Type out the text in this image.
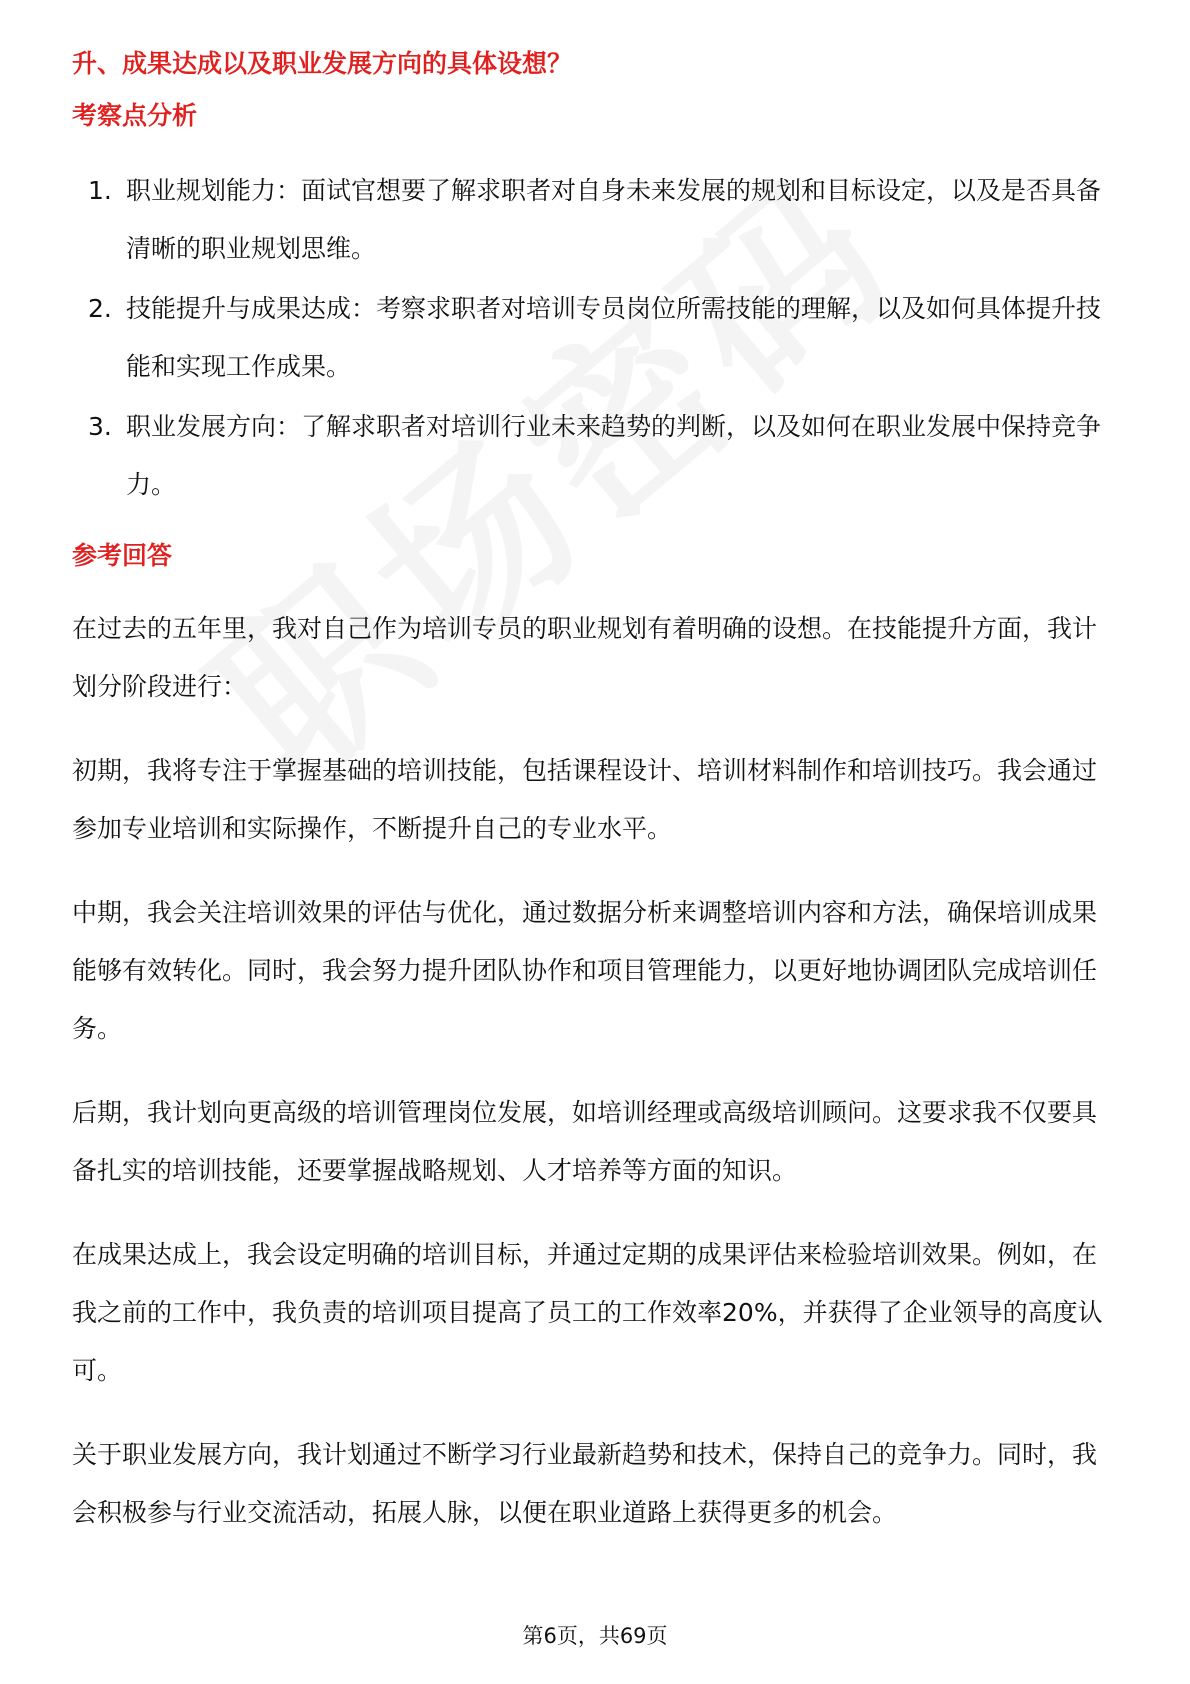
升、成果达成以及职业发展方向的具体设想？
考察点分析
1. 职业规划能力：面试官想要了解求职者对自身未来发展的规划和目标设定，以及是否具备清晰的职业规划思维。
2. 技能提升与成果达成：考察求职者对培训专员岗位所需技能的理解，以及如何具体提升技能和实现工作成果。
3. 职业发展方向：了解求职者对培训行业未来趋势的判断，以及如何在职业发展中保持竞争力。
参考回答

在过去的五年里，我对自己作为培训专员的职业规划有着明确的设想。在技能提升方面，我计划分阶段进行：

初期，我将专注于掌握基础的培训技能，包括课程设计、培训材料制作和培训技巧。我会通过参加专业培训和实际操作，不断提升自己的专业水平。

中期，我会关注培训效果的评估与优化，通过数据分析来调整培训内容和方法，确保培训成果能够有效转化。同时，我会努力提升团队协作和项目管理能力，以更好地协调团队完成培训任务。

后期，我计划向更高级的培训管理岗位发展，如培训经理或高级培训顾问。这要求我不仅要具备扎实的培训技能，还要掌握战略规划、人才培养等方面的知识。

在成果达成上，我会设定明确的培训目标，并通过定期的成果评估来检验培训效果。例如，在我之前的工作中，我负责的培训项目提高了员工的工作效率20%，并获得了企业领导的高度认可。

关于职业发展方向，我计划通过不断学习行业最新趋势和技术，保持自己的竞争力。同时，我会积极参与行业交流活动，拓展人脉，以便在职业道路上获得更多的机会。

第6页，共69页
